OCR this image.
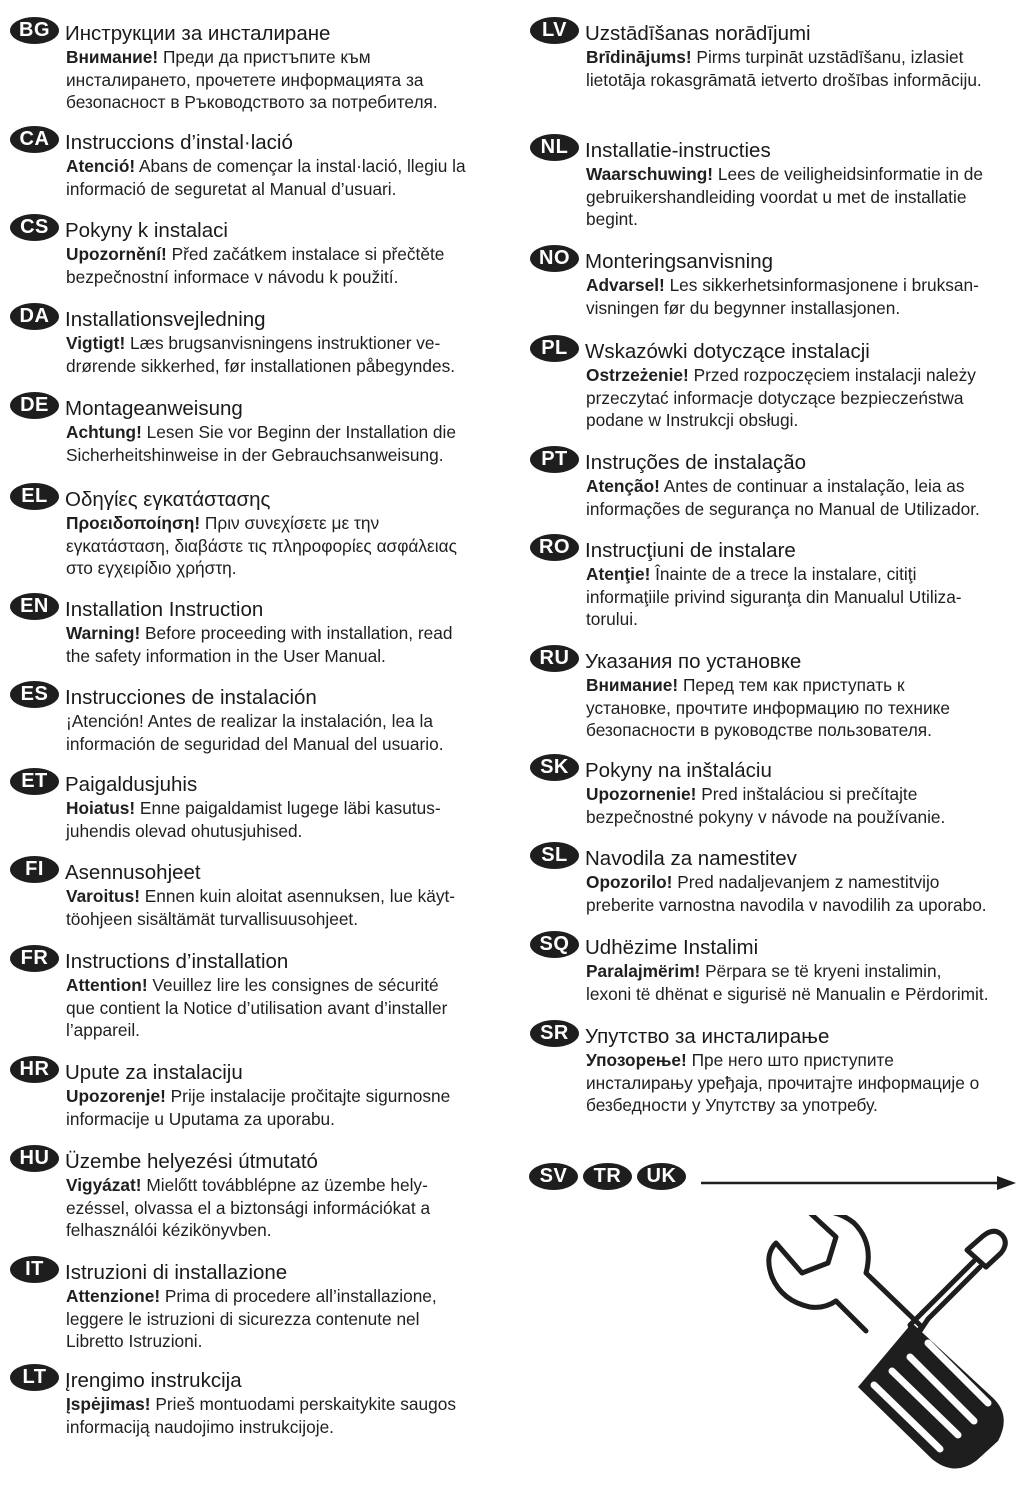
BG Инструкции за инсталиране
Внимание! Преди да пристъпите към
инсталирането, прочетете информацията за
безопасност в Ръководството за потребителя.
CA Instruccions d’instal·lació
Atenció! Abans de començar la instal·lació, llegiu la
informació de seguretat al Manual d’usuari.
CS Pokyny k instalaci
Upozornění! Před začátkem instalace si přečtěte
bezpečnostní informace v návodu k použití.
DA Installationsvejledning
Vigtigt! Læs brugsanvisningens instruktioner ve-
drørende sikkerhed, før installationen påbegyndes.
DE Montageanweisung
Achtung! Lesen Sie vor Beginn der Installation die
Sicherheitshinweise in der Gebrauchsanweisung.
EL Οδηγίες εγκατάστασης
Προειδοποίηση! Πριν συνεχίσετε με την
εγκατάσταση, διαβάστε τις πληροφορίες ασφάλειας
στο εγχειρίδιο χρήστη.
EN Installation Instruction
Warning! Before proceeding with installation, read
the safety information in the User Manual.
ES Instrucciones de instalación
¡Atención! Antes de realizar la instalación, lea la
información de seguridad del Manual del usuario.
ET Paigaldusjuhis
Hoiatus! Enne paigaldamist lugege läbi kasutus-
juhendis olevad ohutusjuhised.
FI	Asennusohjeet
Varoitus! Ennen kuin aloitat asennuksen, lue käyt-
töohjeen sisältämät turvallisuusohjeet.
FR Instructions d’installation
Attention! Veuillez lire les consignes de sécurité
que contient la Notice d’utilisation avant d’installer
l’appareil.
HR Upute za instalaciju
Upozorenje! Prije instalacije pročitajte sigurnosne
informacije u Uputama za uporabu.
HU Üzembe helyezési útmutató
Vigyázat! Mielőtt továbblépne az üzembe hely-
ezéssel, olvassa el a biztonsági információkat a
felhasználói kézikönyvben.
IT	Istruzioni di installazione
Attenzione! Prima di procedere all’installazione,
leggere le istruzioni di sicurezza contenute nel
Libretto Istruzioni.
LT Įrengimo instrukcija
Įspėjimas! Prieš montuodami perskaitykite saugos
informaciją naudojimo instrukcijoje.
LV Uzstādīšanas norādījumi
Brīdinājums! Pirms turpināt uzstādīšanu, izlasiet
lietotāja rokasgrāmatā ietverto drošības informāciju.
NL Installatie-instructies
Waarschuwing! Lees de veiligheidsinformatie in de
gebruikershandleiding voordat u met de installatie
begint.
NO Monteringsanvisning
Advarsel! Les sikkerhetsinformasjonene i bruksan-
visningen før du begynner installasjonen.
PL Wskazówki dotyczące instalacji
Ostrzeżenie! Przed rozpoczęciem instalacji należy
przeczytać informacje dotyczące bezpieczeństwa
podane w Instrukcji obsługi.
PT Instruções de instalação
Atenção! Antes de continuar a instalação, leia as
informações de segurança no Manual de Utilizador.
RO Instrucţiuni de instalare
Atenţie! Înainte de a trece la instalare, citiţi
informaţiile privind siguranţa din Manualul Utiliza-
torului.
RU Указания по установке
Внимание! Перед тем как приступать к
установке, прочтите информацию по технике
безопасности в руководстве пользователя.
SK Pokyny na inštaláciu
Upozornenie! Pred inštaláciou si prečítajte
bezpečnostné pokyny v návode na používanie.
SL Navodila za namestitev
Opozorilo! Pred nadaljevanjem z namestitvijo
preberite varnostna navodila v navodilih za uporabo.
SQ Udhëzime Instalimi
Paralajmërim! Përpara se të kryeni instalimin,
lexoni të dhënat e sigurisë në Manualin e Përdorimit.
SR Упутство за инсталирање
Упозорење! Пре него што приступите
инсталирању уређаја, прочитајте информације о
безбедности у Упутству за употребу.
SV	TR	UK
